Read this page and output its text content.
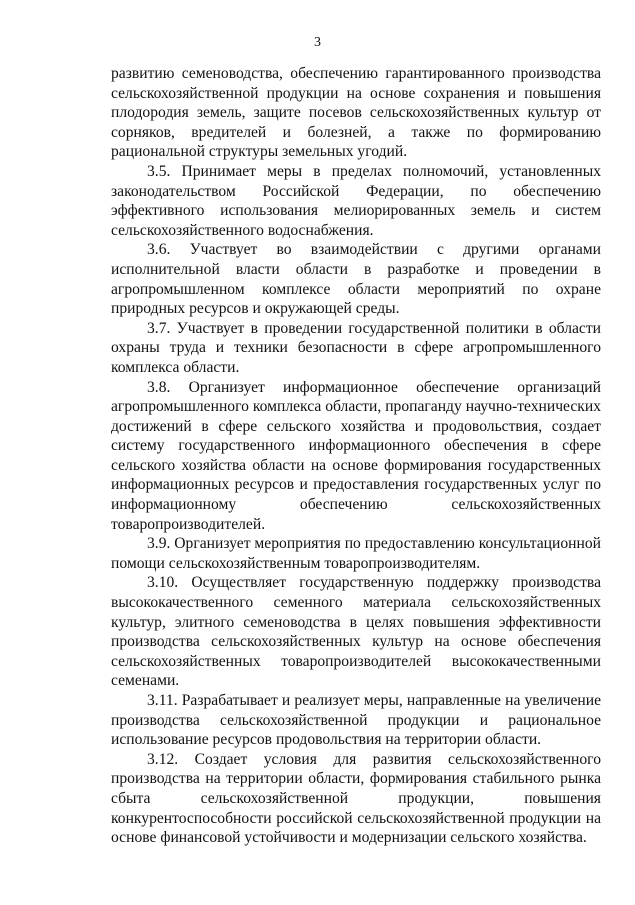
3

развитию семеноводства, обеспечению гарантированного производства сельскохозяйственной продукции на основе сохранения и повышения плодородия земель, защите посевов сельскохозяйственных культур от сорняков, вредителей и болезней, а также по формированию рациональной структуры земельных угодий.

3.5. Принимает меры в пределах полномочий, установленных законодательством Российской Федерации, по обеспечению эффективного использования мелиорированных земель и систем сельскохозяйственного водоснабжения.

3.6. Участвует во взаимодействии с другими органами исполнительной власти области в разработке и проведении в агропромышленном комплексе области мероприятий по охране природных ресурсов и окружающей среды.

3.7. Участвует в проведении государственной политики в области охраны труда и техники безопасности в сфере агропромышленного комплекса области.

3.8. Организует информационное обеспечение организаций агропромышленного комплекса области, пропаганду научно-технических достижений в сфере сельского хозяйства и продовольствия, создает систему государственного информационного обеспечения в сфере сельского хозяйства области на основе формирования государственных информационных ресурсов и предоставления государственных услуг по информационному обеспечению сельскохозяйственных товаропроизводителей.

3.9. Организует мероприятия по предоставлению консультационной помощи сельскохозяйственным товаропроизводителям.

3.10. Осуществляет государственную поддержку производства высококачественного семенного материала сельскохозяйственных культур, элитного семеноводства в целях повышения эффективности производства сельскохозяйственных культур на основе обеспечения сельскохозяйственных товаропроизводителей высококачественными семенами.

3.11. Разрабатывает и реализует меры, направленные на увеличение производства сельскохозяйственной продукции и рациональное использование ресурсов продовольствия на территории области.

3.12. Создает условия для развития сельскохозяйственного производства на территории области, формирования стабильного рынка сбыта сельскохозяйственной продукции, повышения конкурентоспособности российской сельскохозяйственной продукции на основе финансовой устойчивости и модернизации сельского хозяйства.
